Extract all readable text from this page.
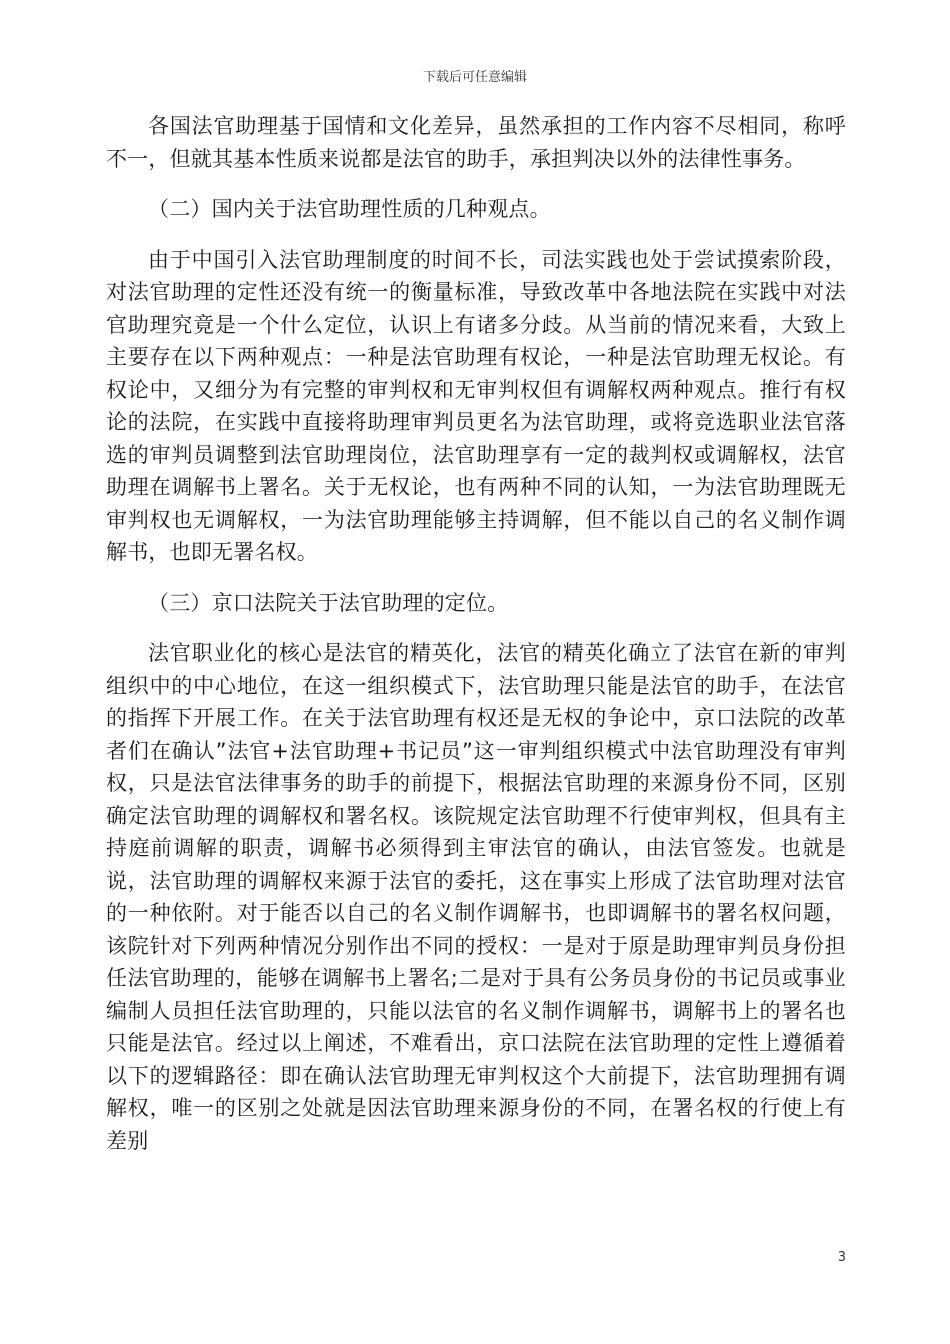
下载后可任意编辑

各国法官助理基于国情和文化差异，虽然承担的工作内容不尽相同，称呼不一，但就其基本性质来说都是法官的助手，承担判决以外的法律性事务。

（二）国内关于法官助理性质的几种观点。

由于中国引入法官助理制度的时间不长，司法实践也处于尝试摸索阶段，对法官助理的定性还没有统一的衡量标准，导致改革中各地法院在实践中对法官助理究竟是一个什么定位，认识上有诸多分歧。从当前的情况来看，大致上主要存在以下两种观点：一种是法官助理有权论，一种是法官助理无权论。有权论中，又细分为有完整的审判权和无审判权但有调解权两种观点。推行有权论的法院，在实践中直接将助理审判员更名为法官助理，或将竞选职业法官落选的审判员调整到法官助理岗位，法官助理享有一定的裁判权或调解权，法官助理在调解书上署名。关于无权论，也有两种不同的认知，一为法官助理既无审判权也无调解权，一为法官助理能够主持调解，但不能以自己的名义制作调解书，也即无署名权。

（三）京口法院关于法官助理的定位。

法官职业化的核心是法官的精英化，法官的精英化确立了法官在新的审判组织中的中心地位，在这一组织模式下，法官助理只能是法官的助手，在法官的指挥下开展工作。在关于法官助理有权还是无权的争论中，京口法院的改革者们在确认”法官+法官助理+书记员”这一审判组织模式中法官助理没有审判权，只是法官法律事务的助手的前提下，根据法官助理的来源身份不同，区别确定法官助理的调解权和署名权。该院规定法官助理不行使审判权，但具有主持庭前调解的职责，调解书必须得到主审法官的确认，由法官签发。也就是说，法官助理的调解权来源于法官的委托，这在事实上形成了法官助理对法官的一种依附。对于能否以自己的名义制作调解书，也即调解书的署名权问题，该院针对下列两种情况分别作出不同的授权：一是对于原是助理审判员身份担任法官助理的，能够在调解书上署名;二是对于具有公务员身份的书记员或事业编制人员担任法官助理的，只能以法官的名义制作调解书，调解书上的署名也只能是法官。经过以上阐述，不难看出，京口法院在法官助理的定性上遵循着以下的逻辑路径：即在确认法官助理无审判权这个大前提下，法官助理拥有调解权，唯一的区别之处就是因法官助理来源身份的不同，在署名权的行使上有差别

3
